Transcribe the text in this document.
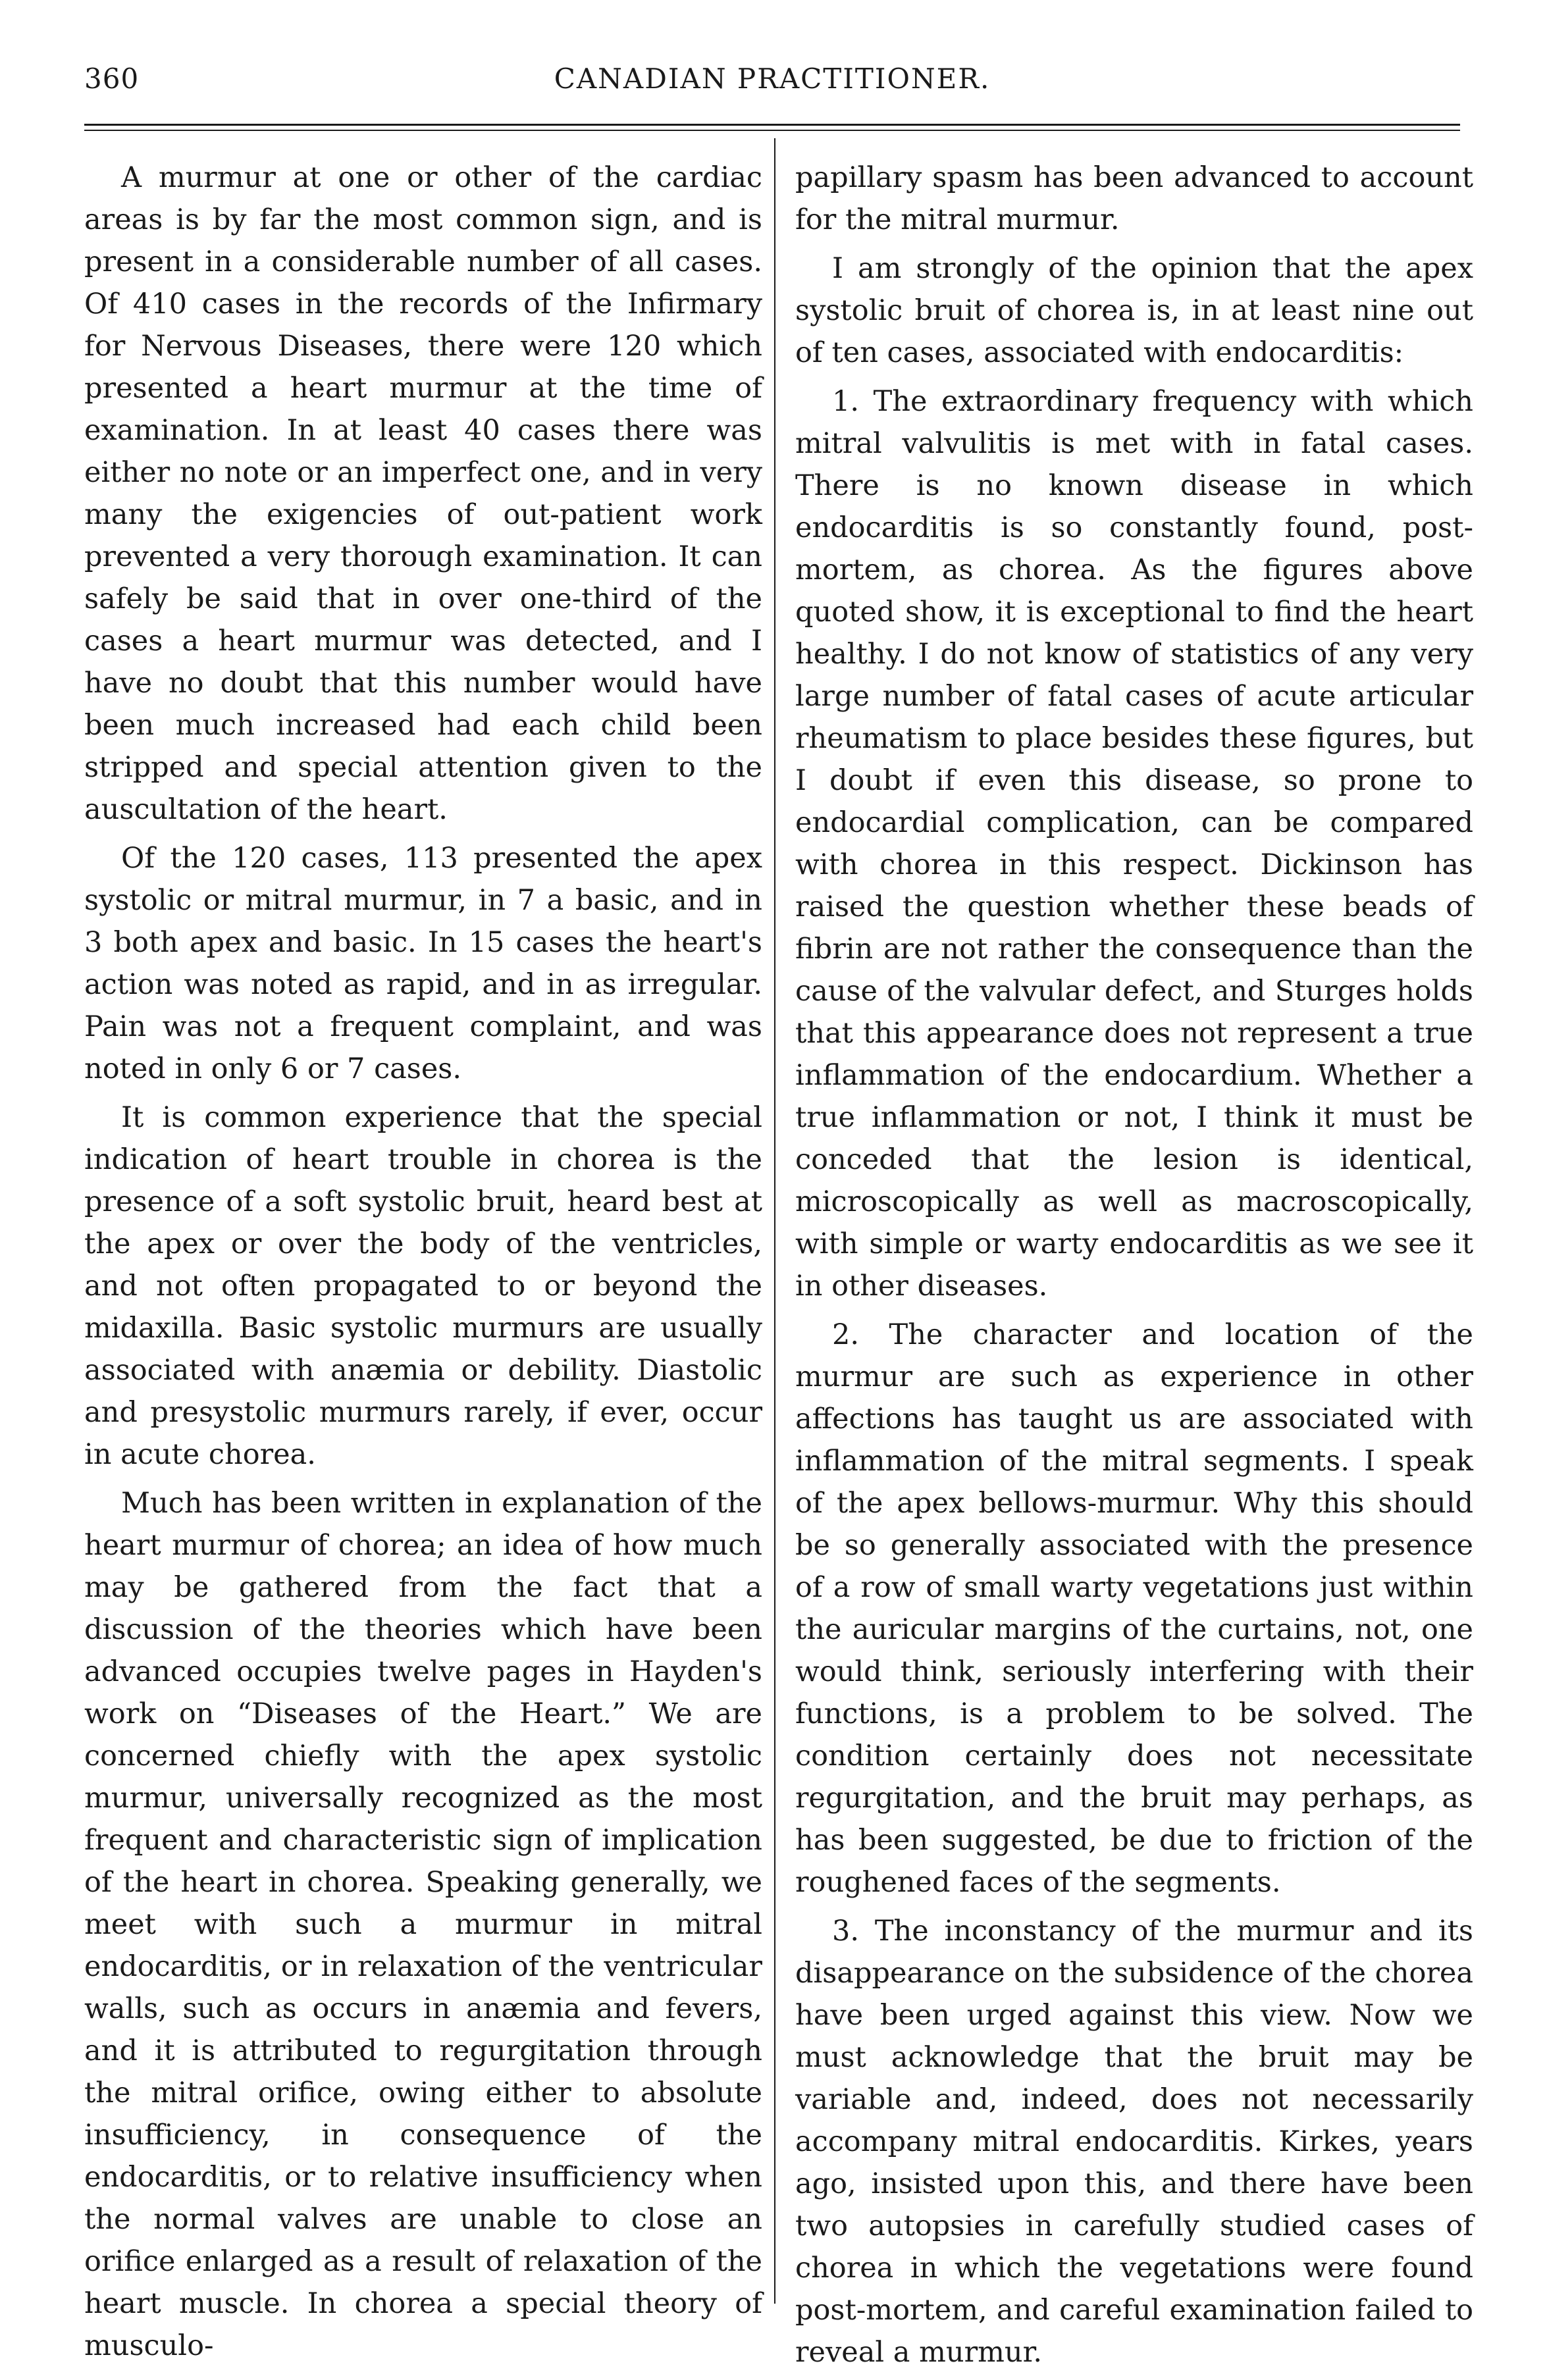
360	CANADIAN PRACTITIONER.

A murmur at one or other of the cardiac areas is by far the most common sign, and is present in a considerable number of all cases. Of 410 cases in the records of the Infirmary for Nervous Diseases, there were 120 which presented a heart murmur at the time of examination. In at least 40 cases there was either no note or an imperfect one, and in very many the exigencies of out-patient work prevented a very thorough examination. It can safely be said that in over one-third of the cases a heart murmur was detected, and I have no doubt that this number would have been much increased had each child been stripped and special attention given to the auscultation of the heart.

Of the 120 cases, 113 presented the apex systolic or mitral murmur, in 7 a basic, and in 3 both apex and basic. In 15 cases the heart's action was noted as rapid, and in as irregular. Pain was not a frequent complaint, and was noted in only 6 or 7 cases.

It is common experience that the special indication of heart trouble in chorea is the presence of a soft systolic bruit, heard best at the apex or over the body of the ventricles, and not often propagated to or beyond the midaxilla. Basic systolic murmurs are usually associated with anæmia or debility. Diastolic and presystolic murmurs rarely, if ever, occur in acute chorea.

Much has been written in explanation of the heart murmur of chorea; an idea of how much may be gathered from the fact that a discussion of the theories which have been advanced occupies twelve pages in Hayden's work on “Diseases of the Heart.” We are concerned chiefly with the apex systolic murmur, universally recognized as the most frequent and characteristic sign of implication of the heart in chorea. Speaking generally, we meet with such a murmur in mitral endocarditis, or in relaxation of the ventricular walls, such as occurs in anæmia and fevers, and it is attributed to regurgitation through the mitral orifice, owing either to absolute insufficiency, in consequence of the endocarditis, or to relative insufficiency when the normal valves are unable to close an orifice enlarged as a result of relaxation of the heart muscle. In chorea a special theory of musculo-

papillary spasm has been advanced to account for the mitral murmur.

I am strongly of the opinion that the apex systolic bruit of chorea is, in at least nine out of ten cases, associated with endocarditis:

1. The extraordinary frequency with which mitral valvulitis is met with in fatal cases. There is no known disease in which endocarditis is so constantly found, post-mortem, as chorea. As the figures above quoted show, it is exceptional to find the heart healthy. I do not know of statistics of any very large number of fatal cases of acute articular rheumatism to place besides these figures, but I doubt if even this disease, so prone to endocardial complication, can be compared with chorea in this respect. Dickinson has raised the question whether these beads of fibrin are not rather the consequence than the cause of the valvular defect, and Sturges holds that this appearance does not represent a true inflammation of the endocardium. Whether a true inflammation or not, I think it must be conceded that the lesion is identical, microscopically as well as macroscopically, with simple or warty endocarditis as we see it in other diseases.

2. The character and location of the murmur are such as experience in other affections has taught us are associated with inflammation of the mitral segments. I speak of the apex bellows-murmur. Why this should be so generally associated with the presence of a row of small warty vegetations just within the auricular margins of the curtains, not, one would think, seriously interfering with their functions, is a problem to be solved. The condition certainly does not necessitate regurgitation, and the bruit may perhaps, as has been suggested, be due to friction of the roughened faces of the segments.

3. The inconstancy of the murmur and its disappearance on the subsidence of the chorea have been urged against this view. Now we must acknowledge that the bruit may be variable and, indeed, does not necessarily accompany mitral endocarditis. Kirkes, years ago, insisted upon this, and there have been two autopsies in carefully studied cases of chorea in which the vegetations were found post-mortem, and careful examination failed to reveal a murmur.
